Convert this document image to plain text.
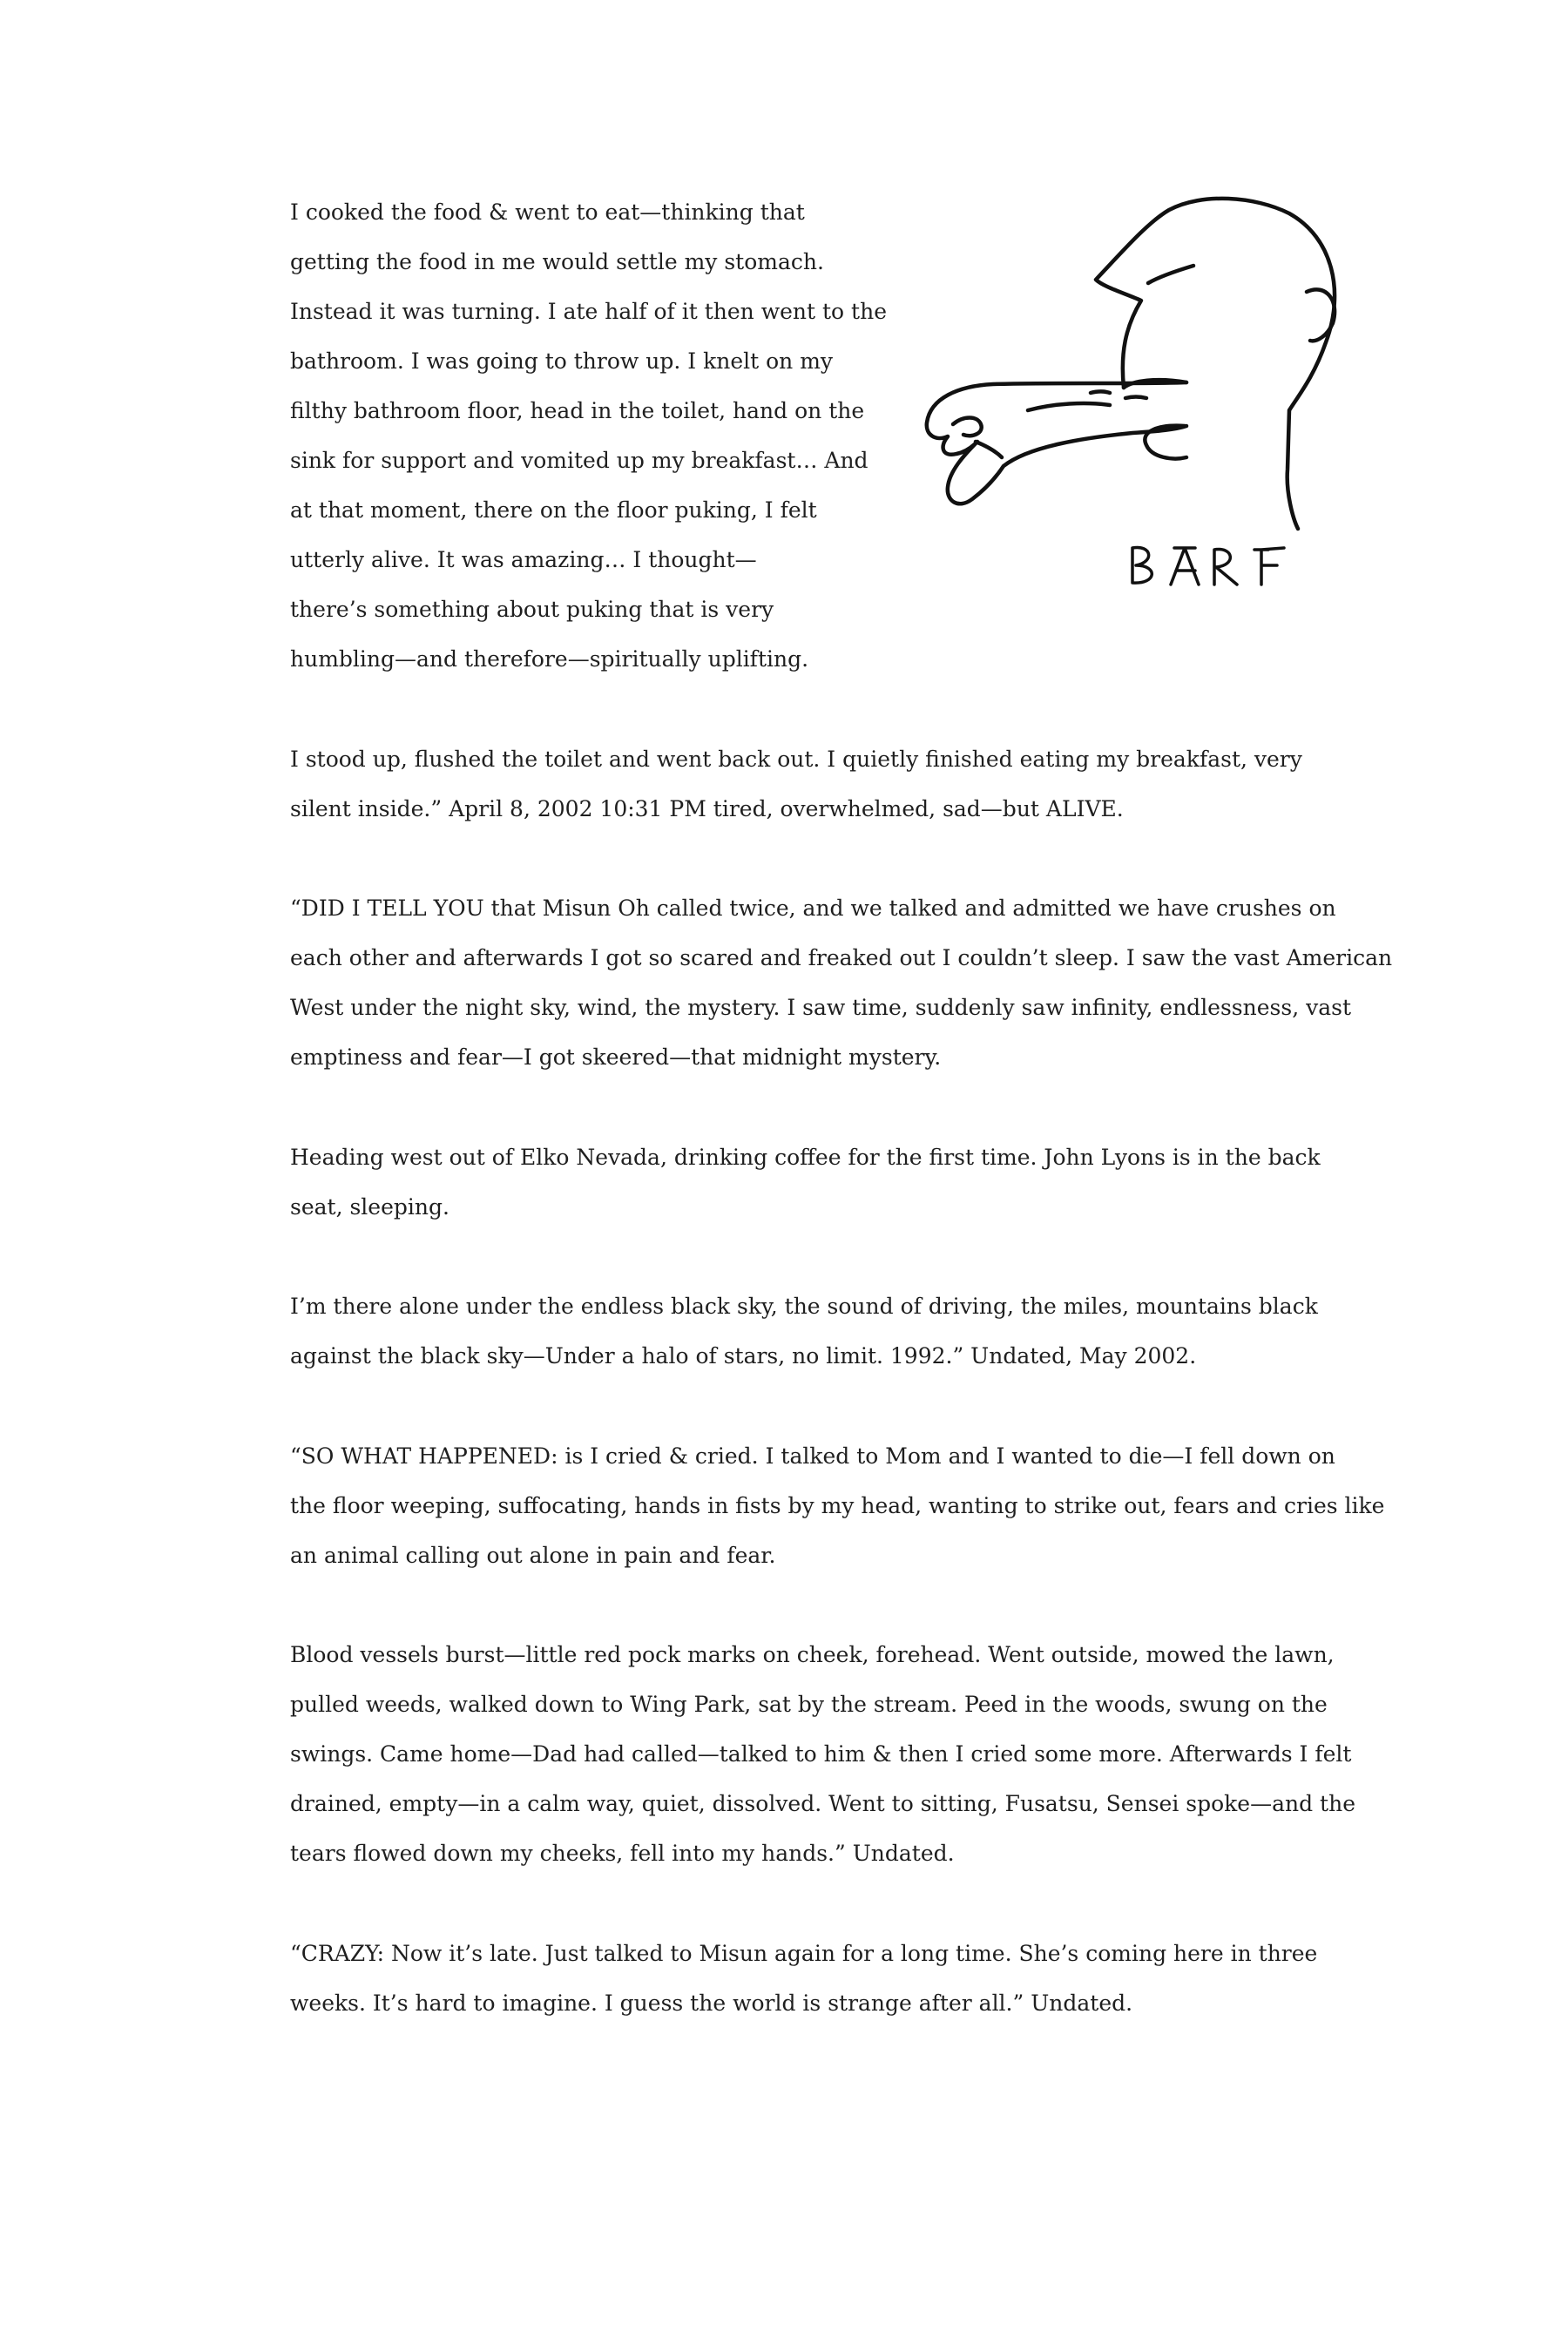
I cooked the food & went to eat—thinking that
getting the food in me would settle my stomach.
Instead it was turning. I ate half of it then went to the
bathroom. I was going to throw up. I knelt on my
filthy bathroom floor, head in the toilet, hand on the
sink for support and vomited up my breakfast… And
at that moment, there on the floor puking, I felt
utterly alive. It was amazing… I thought—
there’s something about puking that is very
humbling—and therefore—spiritually uplifting.
I stood up, flushed the toilet and went back out. I quietly finished eating my breakfast, very
silent inside.” April 8, 2002 10:31 PM tired, overwhelmed, sad—but ALIVE.
“DID I TELL YOU that Misun Oh called twice, and we talked and admitted we have crushes on
each other and afterwards I got so scared and freaked out I couldn’t sleep. I saw the vast American
West under the night sky, wind, the mystery. I saw time, suddenly saw infinity, endlessness, vast
emptiness and fear—I got skeered—that midnight mystery.
Heading west out of Elko Nevada, drinking coffee for the first time. John Lyons is in the back
seat, sleeping.
I’m there alone under the endless black sky, the sound of driving, the miles, mountains black
against the black sky—Under a halo of stars, no limit. 1992.” Undated, May 2002.
“SO WHAT HAPPENED: is I cried & cried. I talked to Mom and I wanted to die—I fell down on
the floor weeping, suffocating, hands in fists by my head, wanting to strike out, fears and cries like
an animal calling out alone in pain and fear.
Blood vessels burst—little red pock marks on cheek, forehead. Went outside, mowed the lawn,
pulled weeds, walked down to Wing Park, sat by the stream. Peed in the woods, swung on the
swings. Came home—Dad had called—talked to him & then I cried some more. Afterwards I felt
drained, empty—in a calm way, quiet, dissolved. Went to sitting, Fusatsu, Sensei spoke—and the
tears flowed down my cheeks, fell into my hands.” Undated.
“CRAZY: Now it’s late. Just talked to Misun again for a long time. She’s coming here in three
weeks. It’s hard to imagine. I guess the world is strange after all.” Undated.
